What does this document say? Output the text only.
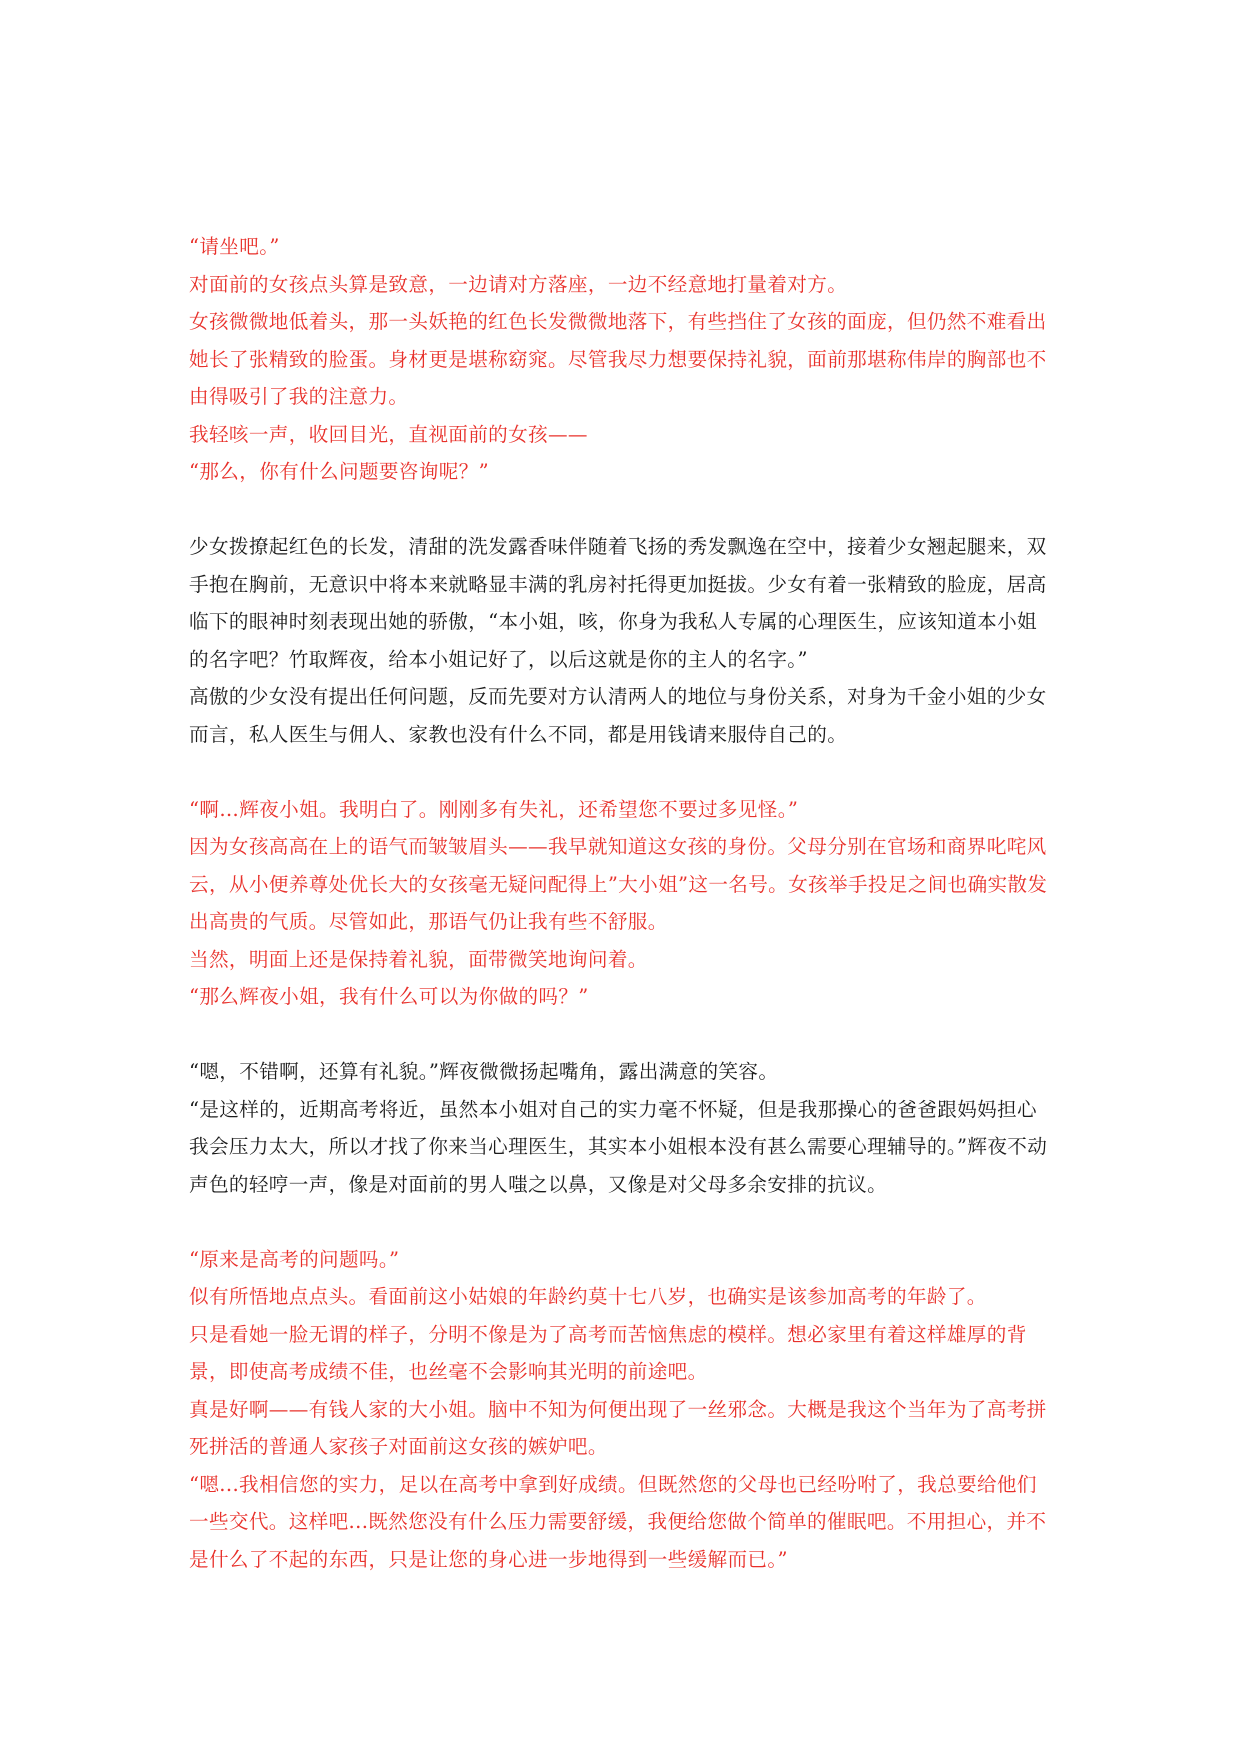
“请坐吧。”

对面前的女孩点头算是致意，一边请对方落座，一边不经意地打量着对方。

女孩微微地低着头，那一头妖艳的红色长发微微地落下，有些挡住了女孩的面庞，但仍然不难看出她长了张精致的脸蛋。身材更是堪称窈窕。尽管我尽力想要保持礼貌，面前那堪称伟岸的胸部也不由得吸引了我的注意力。

我轻咳一声，收回目光，直视面前的女孩——

“那么，你有什么问题要咨询呢？”

少女拨撩起红色的长发，清甜的洗发露香味伴随着飞扬的秀发飘逸在空中，接着少女翘起腿来，双手抱在胸前，无意识中将本来就略显丰满的乳房衬托得更加挺拔。少女有着一张精致的脸庞，居高临下的眼神时刻表现出她的骄傲，“本小姐，咳，你身为我私人专属的心理医生，应该知道本小姐的名字吧？竹取辉夜，给本小姐记好了，以后这就是你的主人的名字。”

高傲的少女没有提出任何问题，反而先要对方认清两人的地位与身份关系，对身为千金小姐的少女而言，私人医生与佣人、家教也没有什么不同，都是用钱请来服侍自己的。

“啊…辉夜小姐。我明白了。刚刚多有失礼，还希望您不要过多见怪。”

因为女孩高高在上的语气而皱皱眉头——我早就知道这女孩的身份。父母分别在官场和商界叱咤风云，从小便养尊处优长大的女孩毫无疑问配得上”大小姐”这一名号。女孩举手投足之间也确实散发出高贵的气质。尽管如此，那语气仍让我有些不舒服。

当然，明面上还是保持着礼貌，面带微笑地询问着。

“那么辉夜小姐，我有什么可以为你做的吗？”

“嗯，不错啊，还算有礼貌。”辉夜微微扬起嘴角，露出满意的笑容。

“是这样的，近期高考将近，虽然本小姐对自己的实力毫不怀疑，但是我那操心的爸爸跟妈妈担心我会压力太大，所以才找了你来当心理医生，其实本小姐根本没有甚么需要心理辅导的。”辉夜不动声色的轻哼一声，像是对面前的男人嗤之以鼻，又像是对父母多余安排的抗议。

“原来是高考的问题吗。”

似有所悟地点点头。看面前这小姑娘的年龄约莫十七八岁，也确实是该参加高考的年龄了。

只是看她一脸无谓的样子，分明不像是为了高考而苦恼焦虑的模样。想必家里有着这样雄厚的背景，即使高考成绩不佳，也丝毫不会影响其光明的前途吧。

真是好啊——有钱人家的大小姐。脑中不知为何便出现了一丝邪念。大概是我这个当年为了高考拼死拼活的普通人家孩子对面前这女孩的嫉妒吧。

“嗯...我相信您的实力，足以在高考中拿到好成绩。但既然您的父母也已经吩咐了，我总要给他们一些交代。这样吧...既然您没有什么压力需要舒缓，我便给您做个简单的催眠吧。不用担心，并不是什么了不起的东西，只是让您的身心进一步地得到一些缓解而已。”
